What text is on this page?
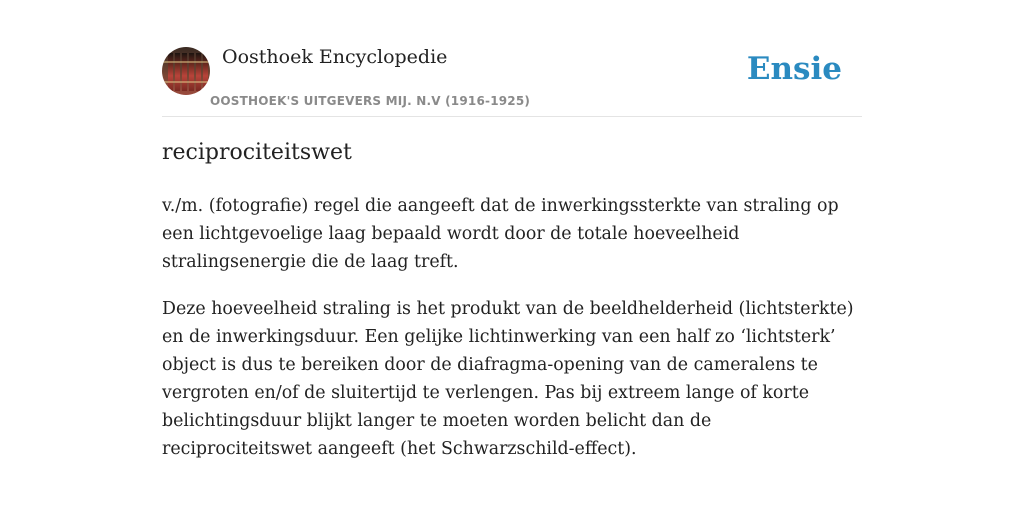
Oosthoek Encyclopedie
OOSTHOEK'S UITGEVERS MIJ. N.V (1916-1925)
Ensie
reciprociteitswet

v./m. (fotografie) regel die aangeeft dat de inwerkingssterkte van straling op een lichtgevoelige laag bepaald wordt door de totale hoeveelheid stralingsenergie die de laag treft.

Deze hoeveelheid straling is het produkt van de beeldhelderheid (lichtsterkte) en de inwerkingsduur. Een gelijke lichtinwerking van een half zo ‘lichtsterk’ object is dus te bereiken door de diafragma-opening van de cameralens te vergroten en/of de sluitertijd te verlengen. Pas bij extreem lange of korte belichtingsduur blijkt langer te moeten worden belicht dan de reciprociteitswet aangeeft (het Schwarzschild-effect).
